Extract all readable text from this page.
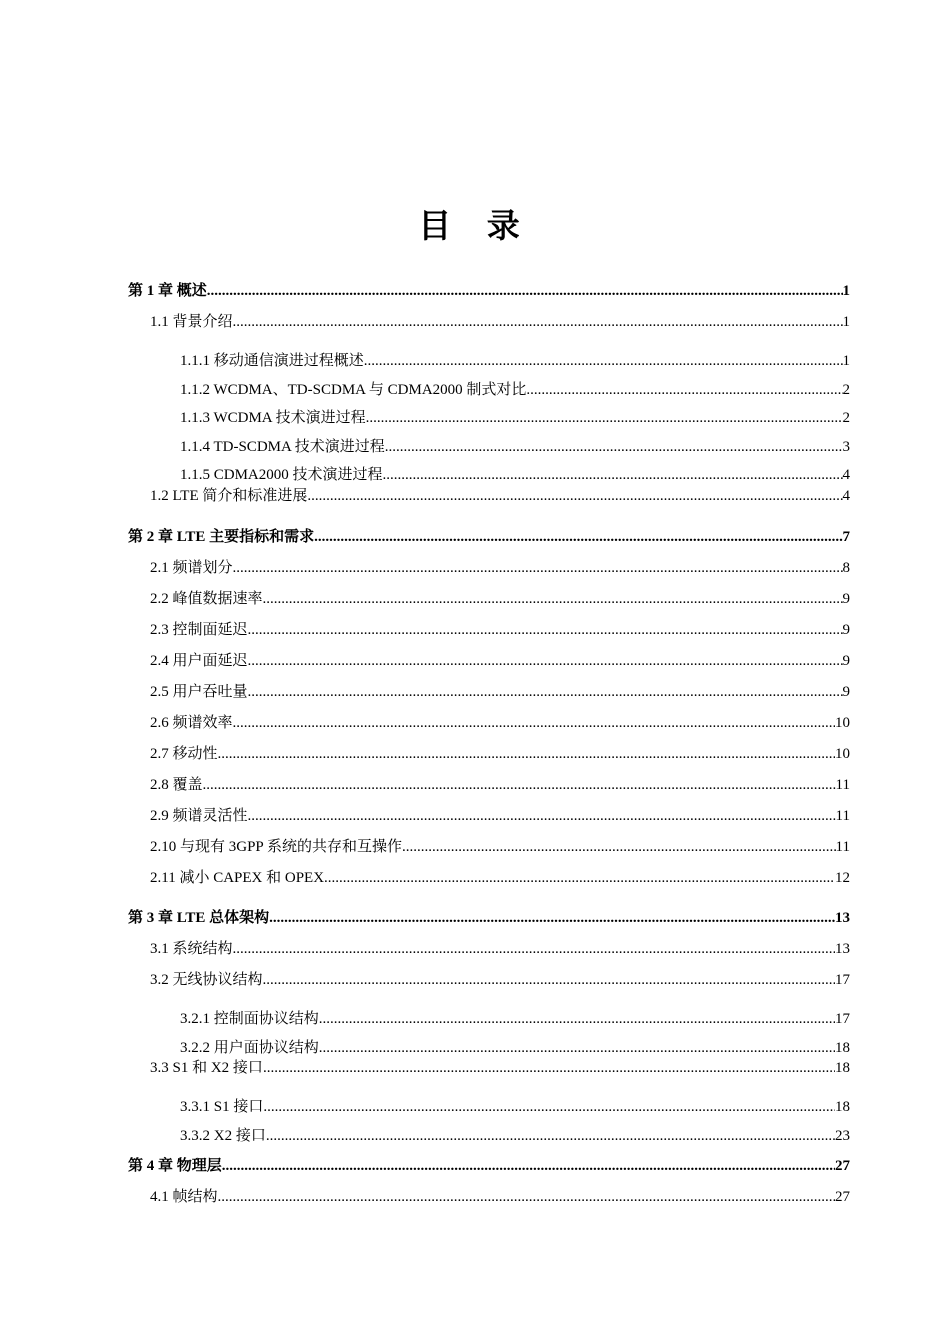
目 录
第 1 章 概述 .....	1
1.1 背景介绍 .....	1
1.1.1 移动通信演进过程概述 .....	1
1.1.2 WCDMA、TD-SCDMA 与 CDMA2000 制式对比 .....	2
1.1.3 WCDMA 技术演进过程 .....	2
1.1.4 TD-SCDMA 技术演进过程 .....	3
1.1.5 CDMA2000 技术演进过程 .....	4
1.2 LTE 简介和标准进展 .....	4
第 2 章 LTE 主要指标和需求 .....	7
2.1 频谱划分 .....	8
2.2 峰值数据速率 .....	9
2.3 控制面延迟 .....	9
2.4 用户面延迟 .....	9
2.5 用户吞吐量 .....	9
2.6 频谱效率 .....	10
2.7 移动性 .....	10
2.8 覆盖 .....	11
2.9 频谱灵活性 .....	11
2.10 与现有 3GPP 系统的共存和互操作 .....	11
2.11 减小 CAPEX 和 OPEX .....	12
第 3 章 LTE 总体架构 .....	13
3.1 系统结构 .....	13
3.2 无线协议结构 .....	17
3.2.1 控制面协议结构 .....	17
3.2.2 用户面协议结构 .....	18
3.3 S1 和 X2 接口 .....	18
3.3.1 S1 接口 .....	18
3.3.2 X2 接口 .....	23
第 4 章 物理层 .....	27
4.1 帧结构 .....	27
